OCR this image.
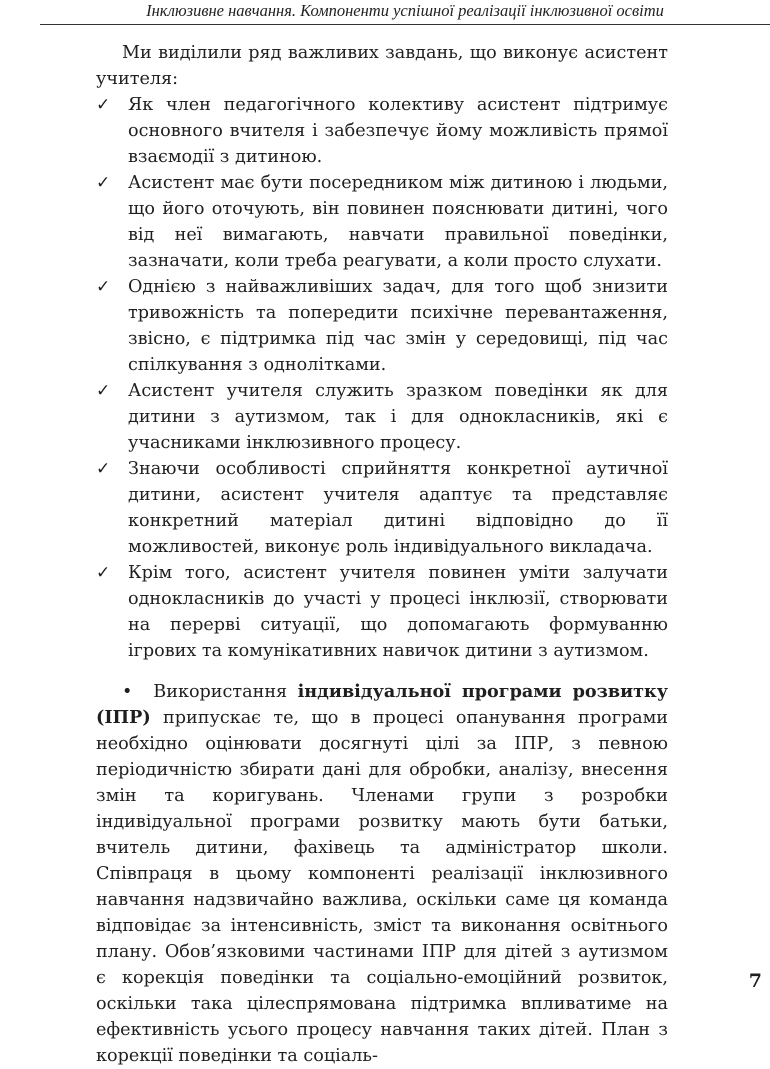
Інклюзивне навчання. Компоненти успішної реалізації інклюзивної освіти

Ми виділили ряд важливих завдань, що виконує асистент учителя:

✓ Як член педагогічного колективу асистент підтримує основного вчителя і забезпечує йому можливість прямої взаємодії з дитиною.
✓ Асистент має бути посередником між дитиною і людьми, що його оточують, він повинен пояснювати дитині, чого від неї вимагають, навчати правильної поведінки, зазначати, коли треба реагувати, а коли просто слухати.
✓ Однією з найважливіших задач, для того щоб знизити тривожність та попередити психічне перевантаження, звісно, є підтримка під час змін у середовищі, під час спілкування з однолітками.
✓ Асистент учителя служить зразком поведінки як для дитини з аутизмом, так і для однокласників, які є учасниками інклюзивного процесу.
✓ Знаючи особливості сприйняття конкретної аутичної дитини, асистент учителя адаптує та представляє конкретний матеріал дитині відповідно до її можливостей, виконує роль індивідуального викладача.
✓ Крім того, асистент учителя повинен уміти залучати однокласників до участі у процесі інклюзії, створювати на перерві ситуації, що допомагають формуванню ігрових та комунікативних навичок дитини з аутизмом.

• Використання індивідуальної програми розвитку (ІПР) припускає те, що в процесі опанування програми необхідно оцінювати досягнуті цілі за ІПР, з певною періодичністю збирати дані для обробки, аналізу, внесення змін та коригувань. Членами групи з розробки індивідуальної програми розвитку мають бути батьки, вчитель дитини, фахівець та адміністратор школи. Співпраця в цьому компоненті реалізації інклюзивного навчання надзвичайно важлива, оскільки саме ця команда відповідає за інтенсивність, зміст та виконання освітнього плану. Обов’язковими частинами ІПР для дітей з аутизмом є корекція поведінки та соціально-емоційний розвиток, оскільки така цілеспрямована підтримка впливатиме на ефективність усього процесу навчання таких дітей. План з корекції поведінки та соціаль-

7
